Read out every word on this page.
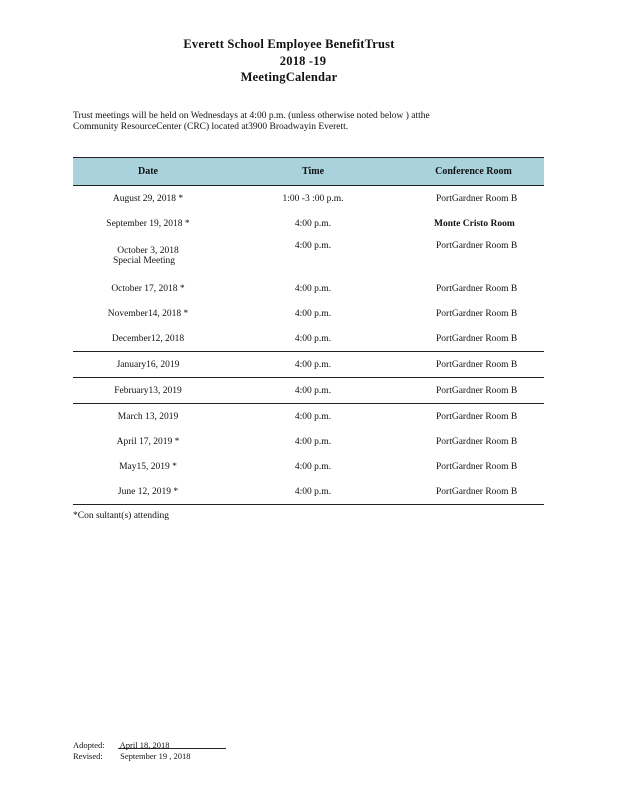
Everett School Employee BenefitTrust
2018 -19
MeetingCalendar
Trust meetings will be held on Wednesdays at 4:00 p.m. (unless otherwise noted below ) atthe
Community ResourceCenter (CRC) located at3900 Broadwayin Everett.
Date	Time	Conference Room

August 29, 2018 *	1:00 -3 :00 p.m.	PortGardner Room B

September 19, 2018 *	4:00 p.m.	Monte Cristo Room

October 3, 2018
Special Meeting	4:00 p.m.	PortGardner Room B

October 17, 2018 *	4:00 p.m.	PortGardner Room B

November14, 2018 *	4:00 p.m.	PortGardner Room B

December12, 2018	4:00 p.m.	PortGardner Room B

January16, 2019	4:00 p.m.	PortGardner Room B

February13, 2019	4:00 p.m.	PortGardner Room B

March 13, 2019	4:00 p.m.	PortGardner Room B

April 17, 2019 *	4:00 p.m.	PortGardner Room B

May15, 2019 *	4:00 p.m.	PortGardner Room B

June 12, 2019 *	4:00 p.m.	PortGardner Room B
*Con sultant(s) attending
Adopted: April 18, 2018
Revised: September 19 , 2018
